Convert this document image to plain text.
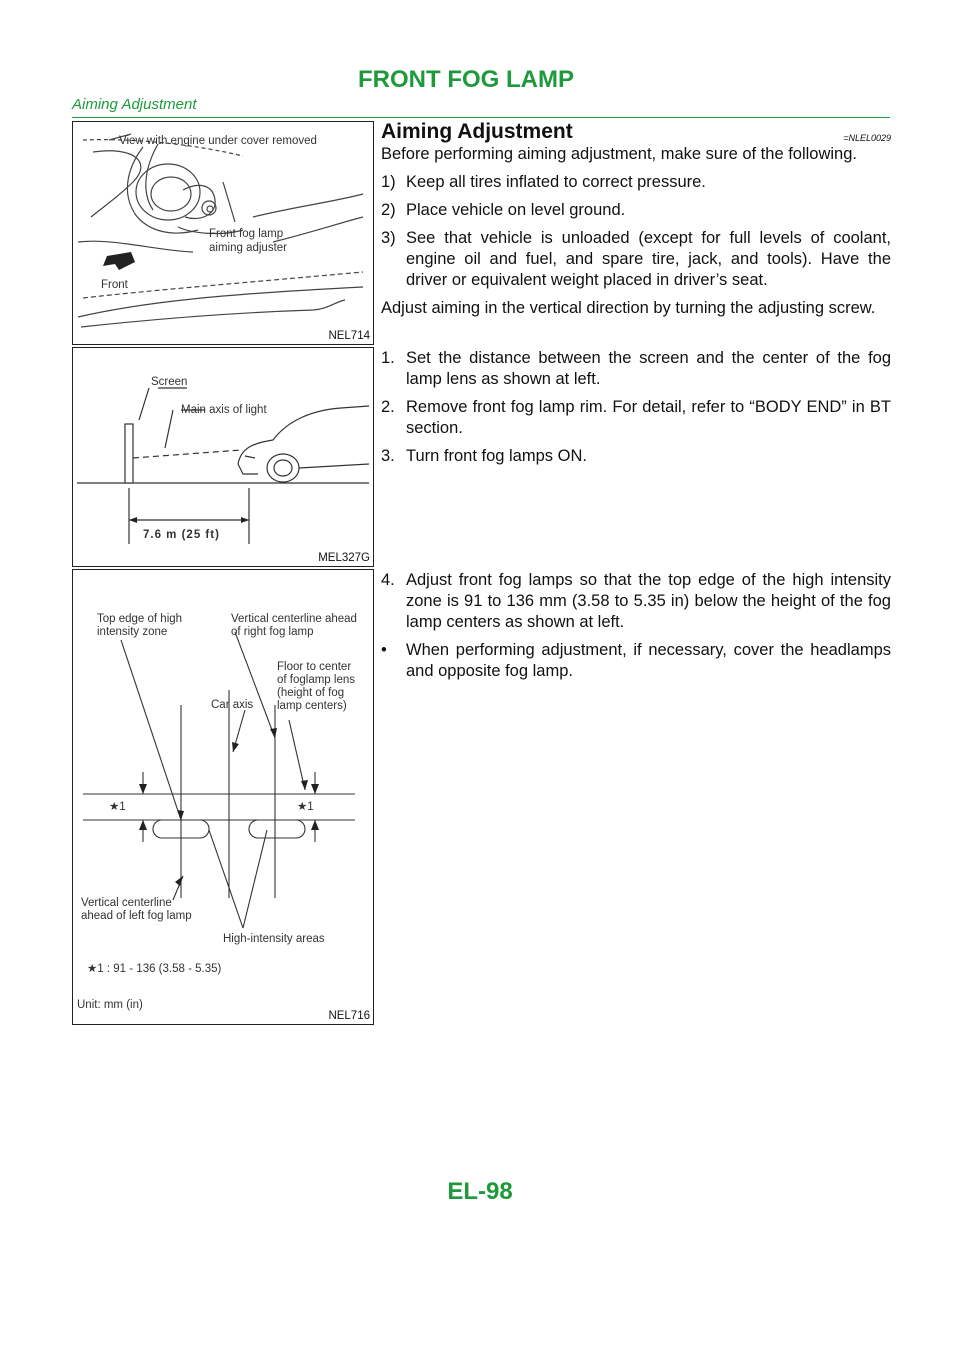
FRONT FOG LAMP
Aiming Adjustment
View with engine under cover removed
Front fog lamp
aiming adjuster
Front
NEL714
Screen
Main axis of light
7.6 m (25 ft)
MEL327G
Top edge of high
intensity zone
Vertical centerline ahead
of right fog lamp
Floor to center
of foglamp lens
(height of fog
lamp centers)
Car axis
★1	★1
Vertical centerline
ahead of left fog lamp
High-intensity areas
★1 : 91 - 136 (3.58 - 5.35)
Unit: mm (in)
NEL716
Aiming Adjustment	=NLEL0029

Before performing aiming adjustment, make sure of the following.

1) Keep all tires inflated to correct pressure.
2) Place vehicle on level ground.
3) See that vehicle is unloaded (except for full levels of coolant, engine oil and fuel, and spare tire, jack, and tools). Have the driver or equivalent weight placed in driver’s seat.

Adjust aiming in the vertical direction by turning the adjusting screw.

1. Set the distance between the screen and the center of the fog lamp lens as shown at left.
2. Remove front fog lamp rim. For detail, refer to “BODY END” in BT section.
3. Turn front fog lamps ON.
4. Adjust front fog lamps so that the top edge of the high intensity zone is 91 to 136 mm (3.58 to 5.35 in) below the height of the fog lamp centers as shown at left.
•	When performing adjustment, if necessary, cover the headlamps and opposite fog lamp.
EL-98
